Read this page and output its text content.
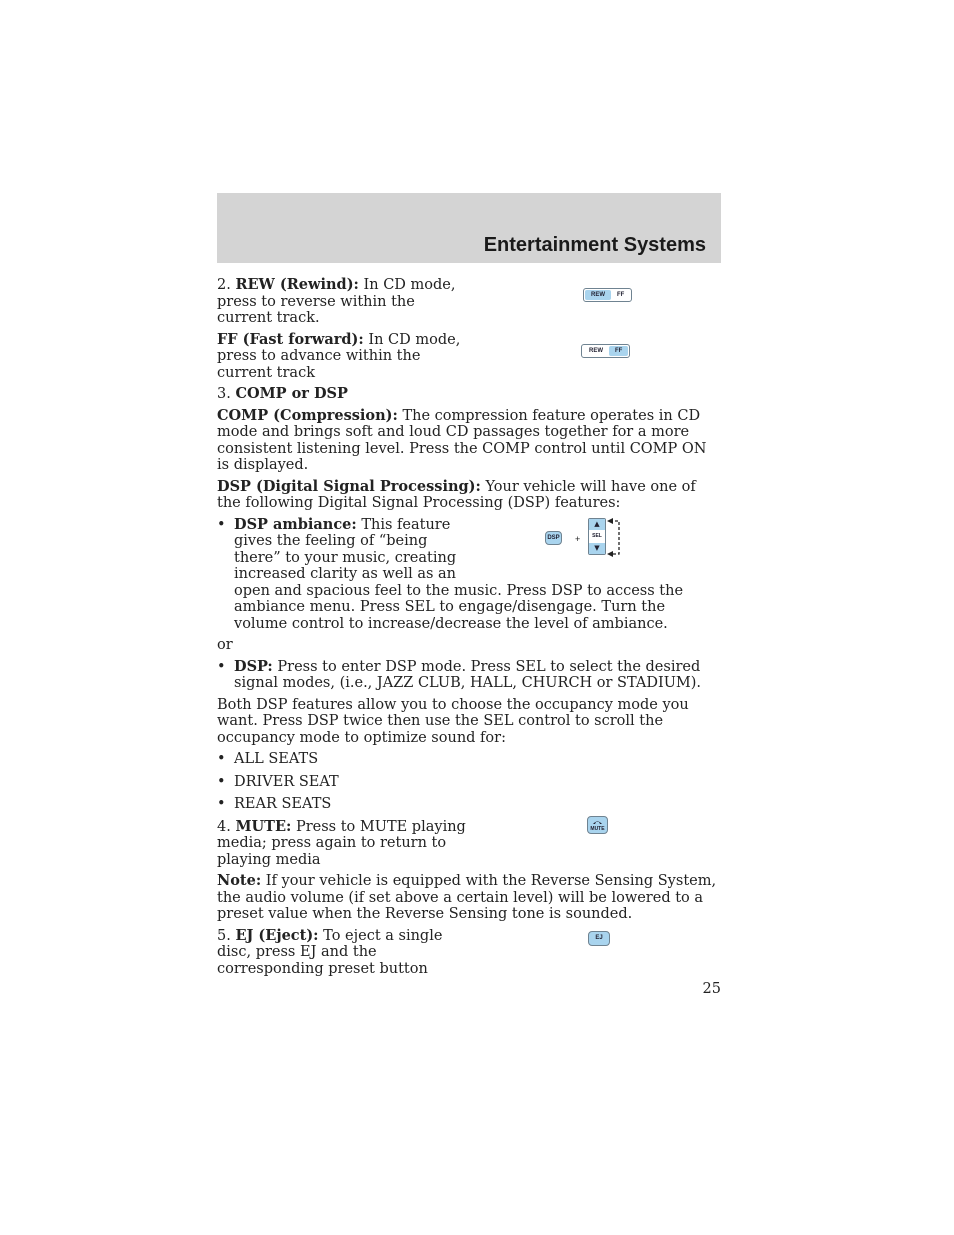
Entertainment Systems

2. REW (Rewind): In CD mode, press to reverse within the current track.

REW	FF

FF (Fast forward): In CD mode, press to advance within the current track

REW	FF

3. COMP or DSP

COMP (Compression): The compression feature operates in CD mode and brings soft and loud CD passages together for a more consistent listening level. Press the COMP control until COMP ON is displayed.

DSP (Digital Signal Processing): Your vehicle will have one of the following Digital Signal Processing (DSP) features:

•
DSP +
▲
SEL
▼
DSP ambiance: This feature gives the feeling of “being there” to your music, creating increased clarity as well as an open and spacious feel to the music. Press DSP to access the ambiance menu. Press SEL to engage/disengage. Turn the volume control to increase/decrease the level of ambiance.

or

• DSP: Press to enter DSP mode. Press SEL to select the desired signal modes, (i.e., JAZZ CLUB, HALL, CHURCH or STADIUM).

Both DSP features allow you to choose the occupancy mode you want. Press DSP twice then use the SEL control to scroll the occupancy mode to optimize sound for:

• ALL SEATS
• DRIVER SEAT
• REAR SEATS

4. MUTE: Press to MUTE playing media; press again to return to playing media

MUTE

Note: If your vehicle is equipped with the Reverse Sensing System, the audio volume (if set above a certain level) will be lowered to a preset value when the Reverse Sensing tone is sounded.

5. EJ (Eject): To eject a single disc, press EJ and the corresponding preset button

EJ
25
